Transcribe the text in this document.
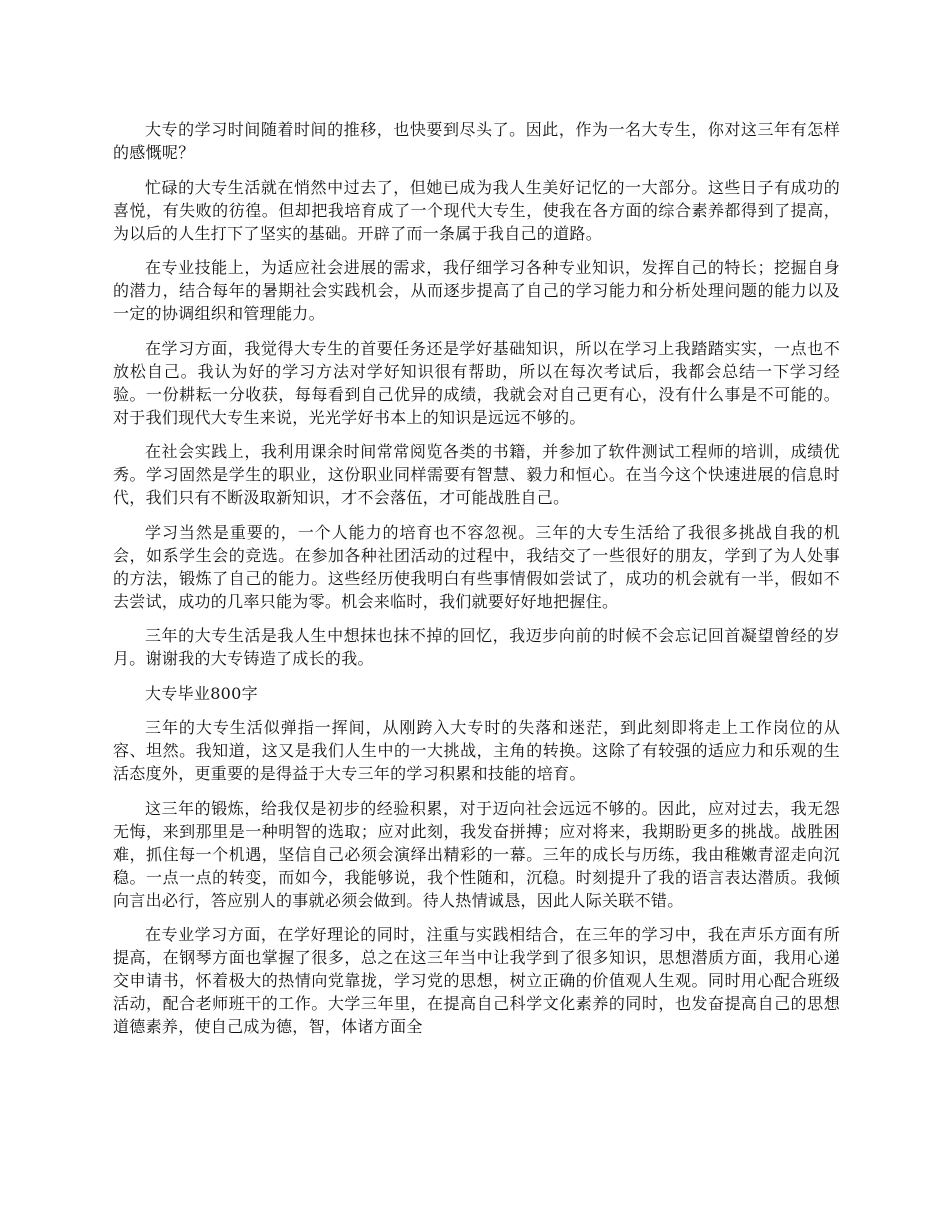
大专的学习时间随着时间的推移，也快要到尽头了。因此，作为一名大专生，你对这三年有怎样的感慨呢？

忙碌的大专生活就在悄然中过去了，但她已成为我人生美好记忆的一大部分。这些日子有成功的喜悦，有失败的彷徨。但却把我培育成了一个现代大专生，使我在各方面的综合素养都得到了提高，为以后的人生打下了坚实的基础。开辟了而一条属于我自己的道路。

在专业技能上，为适应社会进展的需求，我仔细学习各种专业知识，发挥自己的特长；挖掘自身的潜力，结合每年的暑期社会实践机会，从而逐步提高了自己的学习能力和分析处理问题的能力以及一定的协调组织和管理能力。

在学习方面，我觉得大专生的首要任务还是学好基础知识，所以在学习上我踏踏实实，一点也不放松自己。我认为好的学习方法对学好知识很有帮助，所以在每次考试后，我都会总结一下学习经验。一份耕耘一分收获，每每看到自己优异的成绩，我就会对自己更有心，没有什么事是不可能的。对于我们现代大专生来说，光光学好书本上的知识是远远不够的。

在社会实践上，我利用课余时间常常阅览各类的书籍，并参加了软件测试工程师的培训，成绩优秀。学习固然是学生的职业，这份职业同样需要有智慧、毅力和恒心。在当今这个快速进展的信息时代，我们只有不断汲取新知识，才不会落伍，才可能战胜自己。

学习当然是重要的，一个人能力的培育也不容忽视。三年的大专生活给了我很多挑战自我的机会，如系学生会的竞选。在参加各种社团活动的过程中，我结交了一些很好的朋友，学到了为人处事的方法，锻炼了自己的能力。这些经历使我明白有些事情假如尝试了，成功的机会就有一半，假如不去尝试，成功的几率只能为零。机会来临时，我们就要好好地把握住。

三年的大专生活是我人生中想抹也抹不掉的回忆，我迈步向前的时候不会忘记回首凝望曾经的岁月。谢谢我的大专铸造了成长的我。

大专毕业800字

三年的大专生活似弹指一挥间，从刚跨入大专时的失落和迷茫，到此刻即将走上工作岗位的从容、坦然。我知道，这又是我们人生中的一大挑战，主角的转换。这除了有较强的适应力和乐观的生活态度外，更重要的是得益于大专三年的学习积累和技能的培育。

这三年的锻炼，给我仅是初步的经验积累，对于迈向社会远远不够的。因此，应对过去，我无怨无悔，来到那里是一种明智的选取；应对此刻，我发奋拼搏；应对将来，我期盼更多的挑战。战胜困难，抓住每一个机遇，坚信自己必须会演绎出精彩的一幕。三年的成长与历练，我由稚嫩青涩走向沉稳。一点一点的转变，而如今，我能够说，我个性随和，沉稳。时刻提升了我的语言表达潜质。我倾向言出必行，答应别人的事就必须会做到。待人热情诚恳，因此人际关联不错。

在专业学习方面，在学好理论的同时，注重与实践相结合，在三年的学习中，我在声乐方面有所提高，在钢琴方面也掌握了很多，总之在这三年当中让我学到了很多知识，思想潜质方面，我用心递交申请书，怀着极大的热情向党靠拢，学习党的思想，树立正确的价值观人生观。同时用心配合班级活动，配合老师班干的工作。大学三年里，在提高自己科学文化素养的同时，也发奋提高自己的思想道德素养，使自己成为德，智，体诸方面全
